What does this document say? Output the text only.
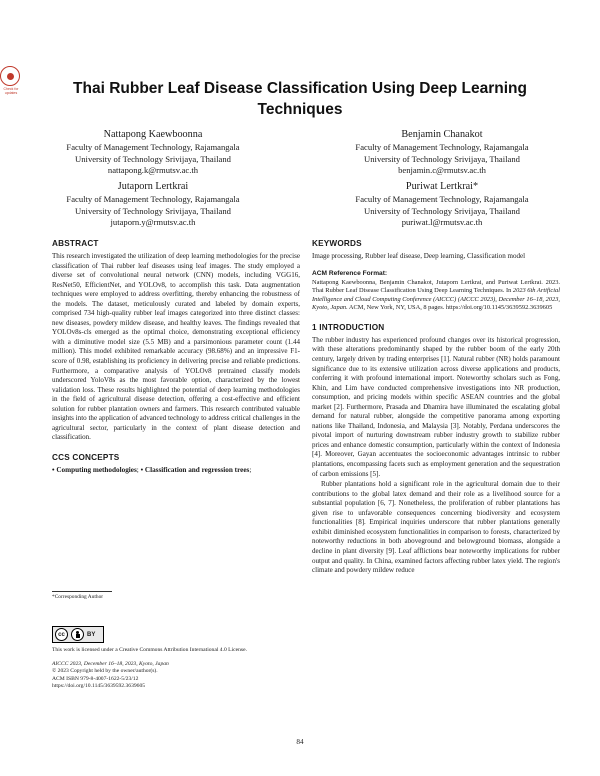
Check for updates	Thai Rubber Leaf Disease Classification Using Deep Learning Techniques
Nattapong Kaewboonna
Faculty of Management Technology, Rajamangala
University of Technology Srivijaya, Thailand
nattapong.k@rmutsv.ac.th
Benjamin Chanakot
Faculty of Management Technology, Rajamangala
University of Technology Srivijaya, Thailand
benjamin.c@rmutsv.ac.th
Jutaporn Lertkrai
Faculty of Management Technology, Rajamangala
University of Technology Srivijaya, Thailand
jutaporn.y@rmutsv.ac.th
Puriwat Lertkrai*
Faculty of Management Technology, Rajamangala
University of Technology Srivijaya, Thailand
puriwat.l@rmutsv.ac.th
ABSTRACT

This research investigated the utilization of deep learning methodologies for the precise classification of Thai rubber leaf diseases using leaf images. The study employed a diverse set of convolutional neural network (CNN) models, including VGG16, ResNet50, EfficientNet, and YOLOv8, to accomplish this task. Data augmentation techniques were employed to address overfitting, thereby enhancing the robustness of the models. The dataset, meticulously curated and labeled by domain experts, comprised 734 high-quality rubber leaf images categorized into three distinct classes: new diseases, powdery mildew disease, and healthy leaves. The findings revealed that YOLOv8s-cls emerged as the optimal choice, demonstrating exceptional efficiency with a diminutive model size (5.5 MB) and a parsimonious parameter count (1.44 million). This model exhibited remarkable accuracy (98.68%) and an impressive F1-score of 0.98, establishing its proficiency in delivering precise and reliable predictions. Furthermore, a comparative analysis of YOLOv8 pretrained classify models underscored YoloV8s as the most favorable option, characterized by the lowest validation loss. These results highlighted the potential of deep learning methodologies in the field of agricultural disease detection, offering a cost-effective and efficient solution for rubber plantation owners and farmers. This research contributed valuable insights into the application of advanced technology to address critical challenges in the agricultural sector, particularly in the context of plant disease detection and classification.

CCS CONCEPTS
• Computing methodologies; • Classification and regression trees;
*Corresponding Author
cc	BY
This work is licensed under a Creative Commons Attribution International 4.0 License.
AICCC 2023, December 16–18, 2023, Kyoto, Japan
© 2023 Copyright held by the owner/author(s).
ACM ISBN 979-8-4007-1622-5/23/12
https://doi.org/10.1145/3639592.3639605
KEYWORDS

Image processing, Rubber leaf disease, Deep learning, Classification model

ACM Reference Format:

Nattapong Kaewboonna, Benjamin Chanakot, Jutaporn Lertkrai, and Puriwat Lertkrai. 2023. Thai Rubber Leaf Disease Classification Using Deep Learning Techniques. In 2023 6th Artificial Intelligence and Cloud Computing Conference (AICCC) (AICCC 2023), December 16–18, 2023, Kyoto, Japan. ACM, New York, NY, USA, 8 pages. https://doi.org/10.1145/3639592.3639605

1 INTRODUCTION

The rubber industry has experienced profound changes over its historical progression, with these alterations predominantly shaped by the rubber boom of the early 20th century, largely driven by trading enterprises [1]. Natural rubber (NR) holds paramount significance due to its extensive utilization across diverse applications and products, conferring it with profound international import. Noteworthy scholars such as Fong, Khin, and Lim have conducted comprehensive investigations into NR production, consumption, and pricing models within specific ASEAN countries and the global market [2]. Furthermore, Prasada and Dhamira have illuminated the escalating global demand for natural rubber, alongside the competitive panorama among exporting nations like Thailand, Indonesia, and Malaysia [3]. Notably, Perdana underscores the pivotal import of nurturing downstream rubber industry growth to stabilize rubber prices and enhance domestic consumption, particularly within the context of Indonesia [4]. Moreover, Gayan accentuates the socioeconomic advantages intrinsic to rubber plantations, encompassing facets such as employment generation and the sequestration of carbon emissions [5].

Rubber plantations hold a significant role in the agricultural domain due to their contributions to the global latex demand and their role as a livelihood source for a substantial population [6, 7]. Nonetheless, the proliferation of rubber plantations has given rise to unfavorable consequences concerning biodiversity and ecosystem functionalities [8]. Empirical inquiries underscore that rubber plantations generally exhibit diminished ecosystem functionalities in comparison to forests, characterized by noteworthy reductions in both aboveground and belowground biomass, alongside a decline in plant diversity [9]. Leaf afflictions bear noteworthy implications for rubber output and quality. In China, examined factors affecting rubber latex yield. The region's climate and powdery mildew reduce

84
